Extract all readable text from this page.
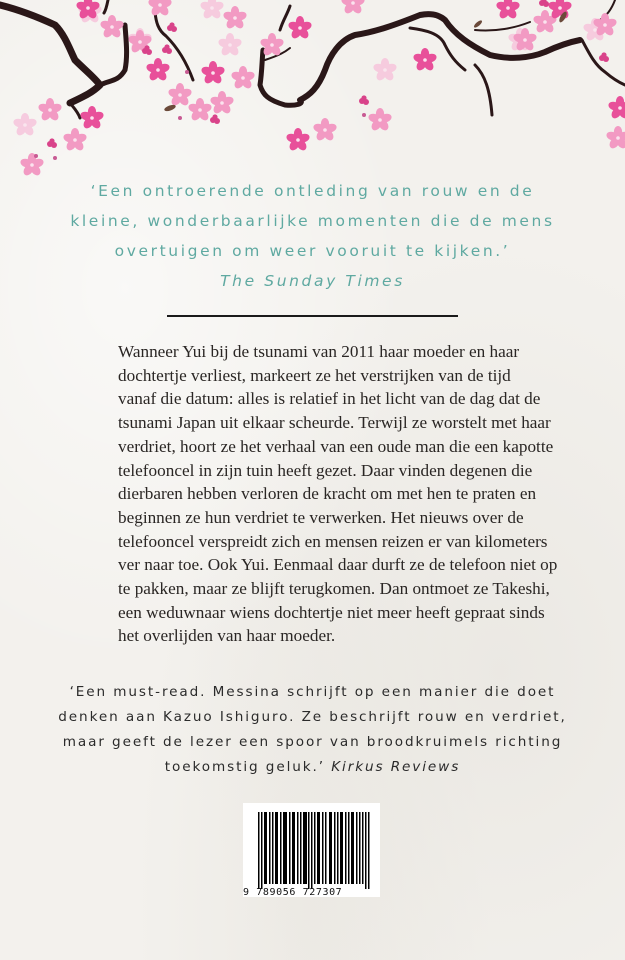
‘Een ontroerende ontleding van rouw en de
kleine, wonderbaarlijke momenten die de mens
overtuigen om weer vooruit te kijken.’
The Sunday Times
Wanneer Yui bij de tsunami van 2011 haar moeder en haar
dochtertje verliest, markeert ze het verstrijken van de tijd
vanaf die datum: alles is relatief in het licht van de dag dat de
tsunami Japan uit elkaar scheurde. Terwijl ze worstelt met haar
verdriet, hoort ze het verhaal van een oude man die een kapotte
telefooncel in zijn tuin heeft gezet. Daar vinden degenen die
dierbaren hebben verloren de kracht om met hen te praten en
beginnen ze hun verdriet te verwerken. Het nieuws over de
telefooncel verspreidt zich en mensen reizen er van kilometers
ver naar toe. Ook Yui. Eenmaal daar durft ze de telefoon niet op
te pakken, maar ze blijft terugkomen. Dan ontmoet ze Takeshi,
een weduwnaar wiens dochtertje niet meer heeft gepraat sinds
het overlijden van haar moeder.
‘Een must-read. Messina schrijft op een manier die doet
denken aan Kazuo Ishiguro. Ze beschrijft rouw en verdriet,
maar geeft de lezer een spoor van broodkruimels richting
toekomstig geluk.’ Kirkus Reviews
9 789056 727307
